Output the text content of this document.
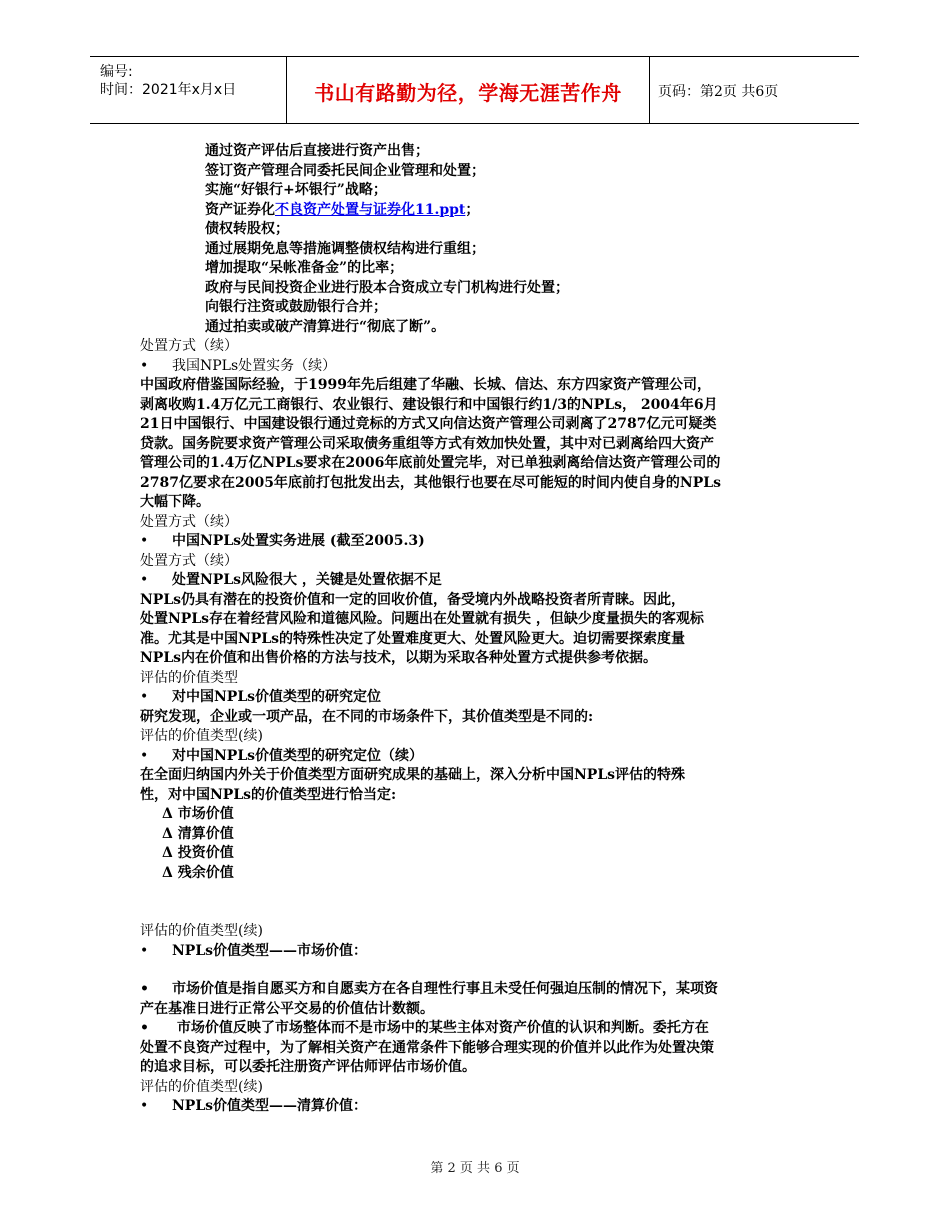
编号:
时间：2021年x月x日	书山有路勤为径，学海无涯苦作舟	页码：第2页 共6页

通过资产评估后直接进行资产出售；

签订资产管理合同委托民间企业管理和处置；

实施“好银行+坏银行”战略；

资产证券化不良资产处置与证券化11.ppt；

债权转股权；

通过展期免息等措施调整债权结构进行重组；

增加提取“呆帐准备金”的比率；

政府与民间投资企业进行股本合资成立专门机构进行处置；

向银行注资或鼓励银行合并；

通过拍卖或破产清算进行“彻底了断”。

处置方式（续）

• 我国NPLs处置实务（续）

中国政府借鉴国际经验，于1999年先后组建了华融、长城、信达、东方四家资产管理公司，

剥离收购1.4万亿元工商银行、农业银行、建设银行和中国银行约1/3的NPLs， 2004年6月

21日中国银行、中国建设银行通过竞标的方式又向信达资产管理公司剥离了2787亿元可疑类

贷款。国务院要求资产管理公司采取债务重组等方式有效加快处置，其中对已剥离给四大资产

管理公司的1.4万亿NPLs要求在2006年底前处置完毕，对已单独剥离给信达资产管理公司的

2787亿要求在2005年底前打包批发出去，其他银行也要在尽可能短的时间内使自身的NPLs

大幅下降。

处置方式（续）

• 中国NPLs处置实务进展 (截至2005.3)

处置方式（续）

• 处置NPLs风险很大 ，关键是处置依据不足

NPLs仍具有潜在的投资价值和一定的回收价值，备受境内外战略投资者所青睐。因此，

处置NPLs存在着经营风险和道德风险。问题出在处置就有损失 ，但缺少度量损失的客观标

准。尤其是中国NPLs的特殊性决定了处置难度更大、处置风险更大。迫切需要探索度量

NPLs内在价值和出售价格的方法与技术，以期为采取各种处置方式提供参考依据。

评估的价值类型

• 对中国NPLs价值类型的研究定位

研究发现，企业或一项产品，在不同的市场条件下，其价值类型是不同的:

评估的价值类型(续)

• 对中国NPLs价值类型的研究定位（续）

在全面归纳国内外关于价值类型方面研究成果的基础上，深入分析中国NPLs评估的特殊

性，对中国NPLs的价值类型进行恰当定:

Δ 市场价值

Δ 清算价值

Δ 投资价值

Δ 残余价值

评估的价值类型(续)

• NPLs价值类型——市场价值：

• 市场价值是指自愿买方和自愿卖方在各自理性行事且未受任何强迫压制的情况下，某项资

产在基准日进行正常公平交易的价值估计数额。

• 市场价值反映了市场整体而不是市场中的某些主体对资产价值的认识和判断。委托方在

处置不良资产过程中，为了解相关资产在通常条件下能够合理实现的价值并以此作为处置决策

的追求目标，可以委托注册资产评估师评估市场价值。

评估的价值类型(续)

• NPLs价值类型——清算价值：

第 2 页 共 6 页
